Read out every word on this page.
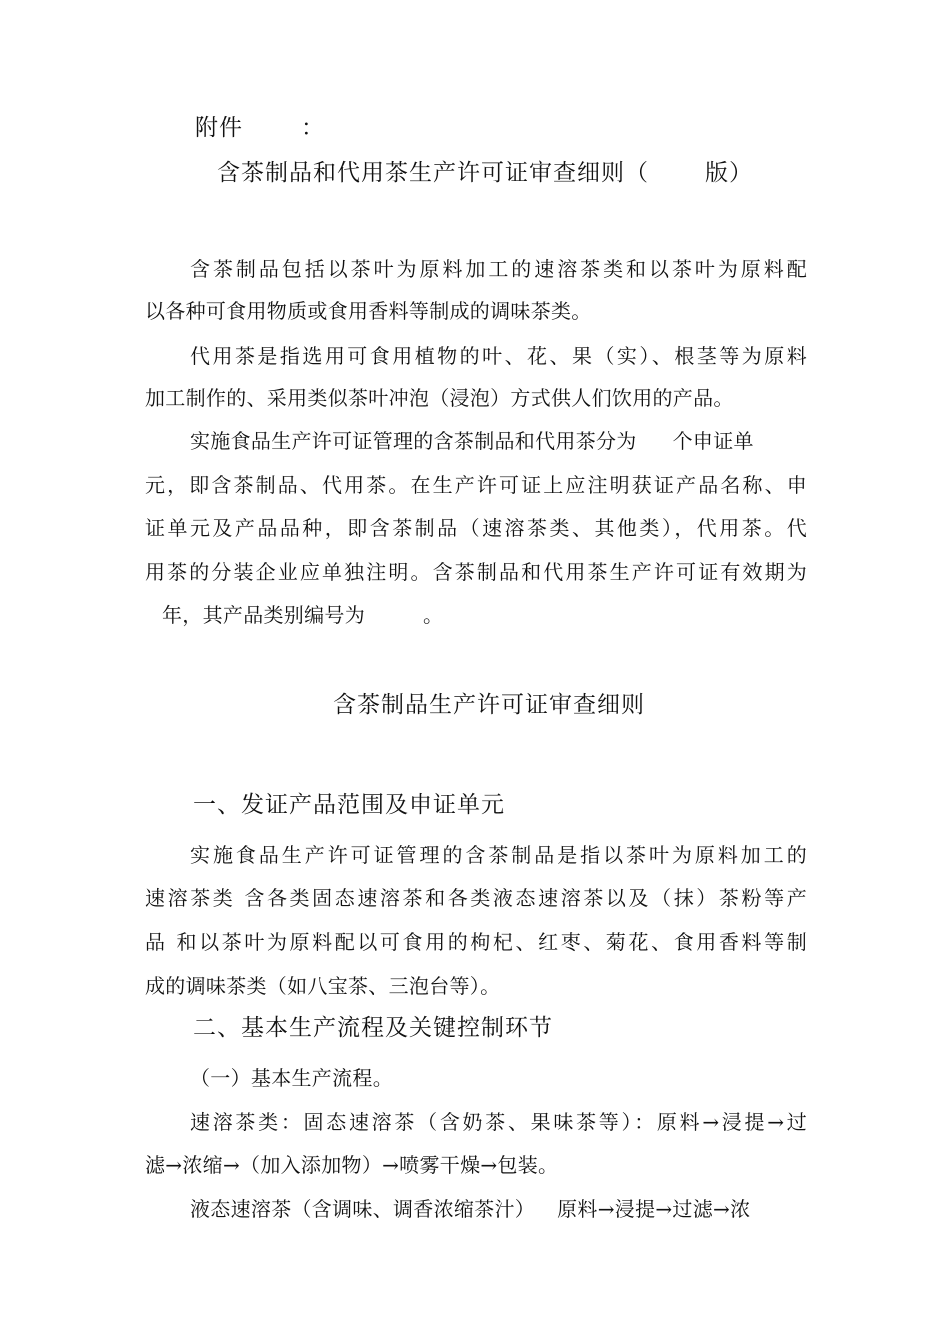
附件	：
含茶制品和代用茶生产许可证审查细则（ 版）
含茶制品包括以茶叶为原料加工的速溶茶类和以茶叶为原料配
以各种可食用物质或食用香料等制成的调味茶类。
代用茶是指选用可食用植物的叶、花、果（实）、根茎等为原料
加工制作的、采用类似茶叶冲泡（浸泡）方式供人们饮用的产品。
实施食品生产许可证管理的含茶制品和代用茶分为 个申证单
元，即含茶制品、代用茶。在生产许可证上应注明获证产品名称、申
证单元及产品品种，即含茶制品（速溶茶类、其他类），代用茶。代
用茶的分装企业应单独注明。含茶制品和代用茶生产许可证有效期为
年，其产品类别编号为	。
含茶制品生产许可证审查细则
一、发证产品范围及申证单元
实施食品生产许可证管理的含茶制品是指以茶叶为原料加工的
速溶茶类 含各类固态速溶茶和各类液态速溶茶以及（抹）茶粉等产
品 和以茶叶为原料配以可食用的枸杞、红枣、菊花、食用香料等制
成的调味茶类（如八宝茶、三泡台等）。
二、基本生产流程及关键控制环节
（一）基本生产流程。
速溶茶类：固态速溶茶（含奶茶、果味茶等）：原料→浸提→过
滤→浓缩→（加入添加物）→喷雾干燥→包装。
液态速溶茶（含调味、调香浓缩茶汁） 原料→浸提→过滤→浓
